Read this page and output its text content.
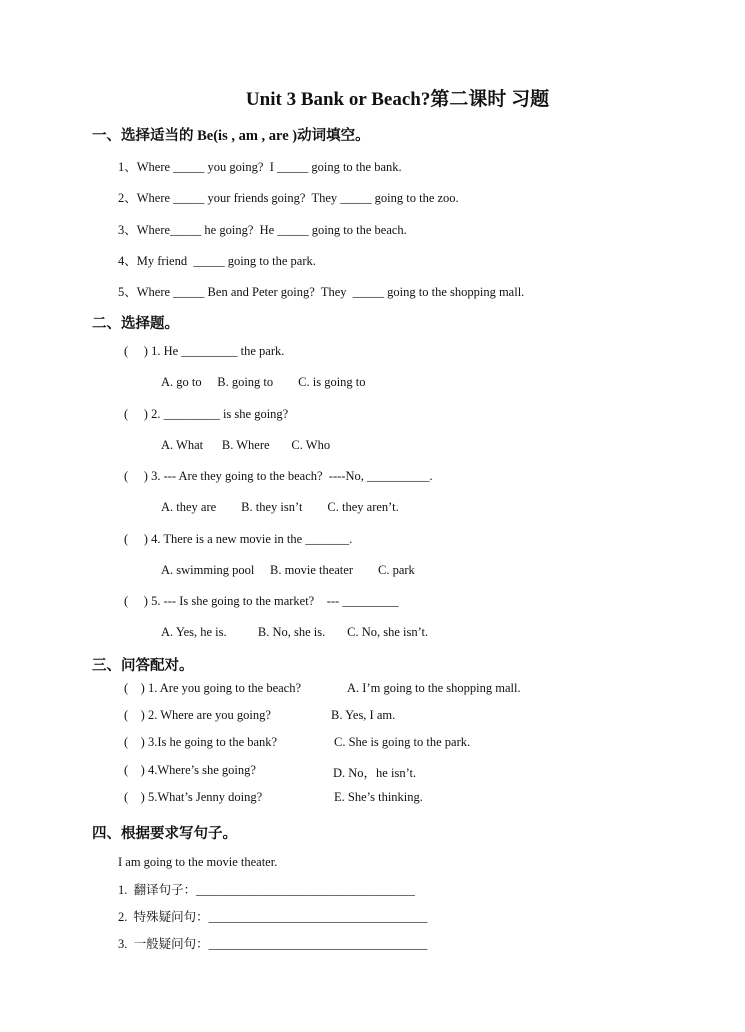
Unit 3 Bank or Beach?第二课时 习题
一、选择适当的 Be(is , am , are )动词填空。
1、Where _____ you going?  I _____ going to the bank.
2、Where _____ your friends going?  They _____ going to the zoo.
3、Where_____ he going?  He _____ going to the beach.
4、My friend  _____ going to the park.
5、Where _____ Ben and Peter going?  They  _____ going to the shopping mall.
二、选择题。
(     ) 1. He _________ the park.
A. go to     B. going to        C. is going to
(     ) 2. _________ is she going?
A. What      B. Where       C. Who
(     ) 3. --- Are they going to the beach?  ----No, __________.
A. they are        B. they isn’t        C. they aren’t.
(     ) 4. There is a new movie in the _______.
A. swimming pool     B. movie theater        C. park
(     ) 5. --- Is she going to the market?    --- _________
A. Yes, he is.          B. No, she is.       C. No, she isn’t.
三、问答配对。
(    ) 1. Are you going to the beach?	A. I’m going to the shopping mall.
(    ) 2. Where are you going?	B. Yes, I am.
(    ) 3.Is he going to the bank?	C. She is going to the park.
(    ) 4.Where’s she going?	D. No，he isn’t.
(    ) 5.What’s Jenny doing?	E. She’s thinking.
四、根据要求写句子。
I am going to the movie theater.
1.  翻译句子：___________________________________
2.  特殊疑问句：___________________________________
3.  一般疑问句：___________________________________
